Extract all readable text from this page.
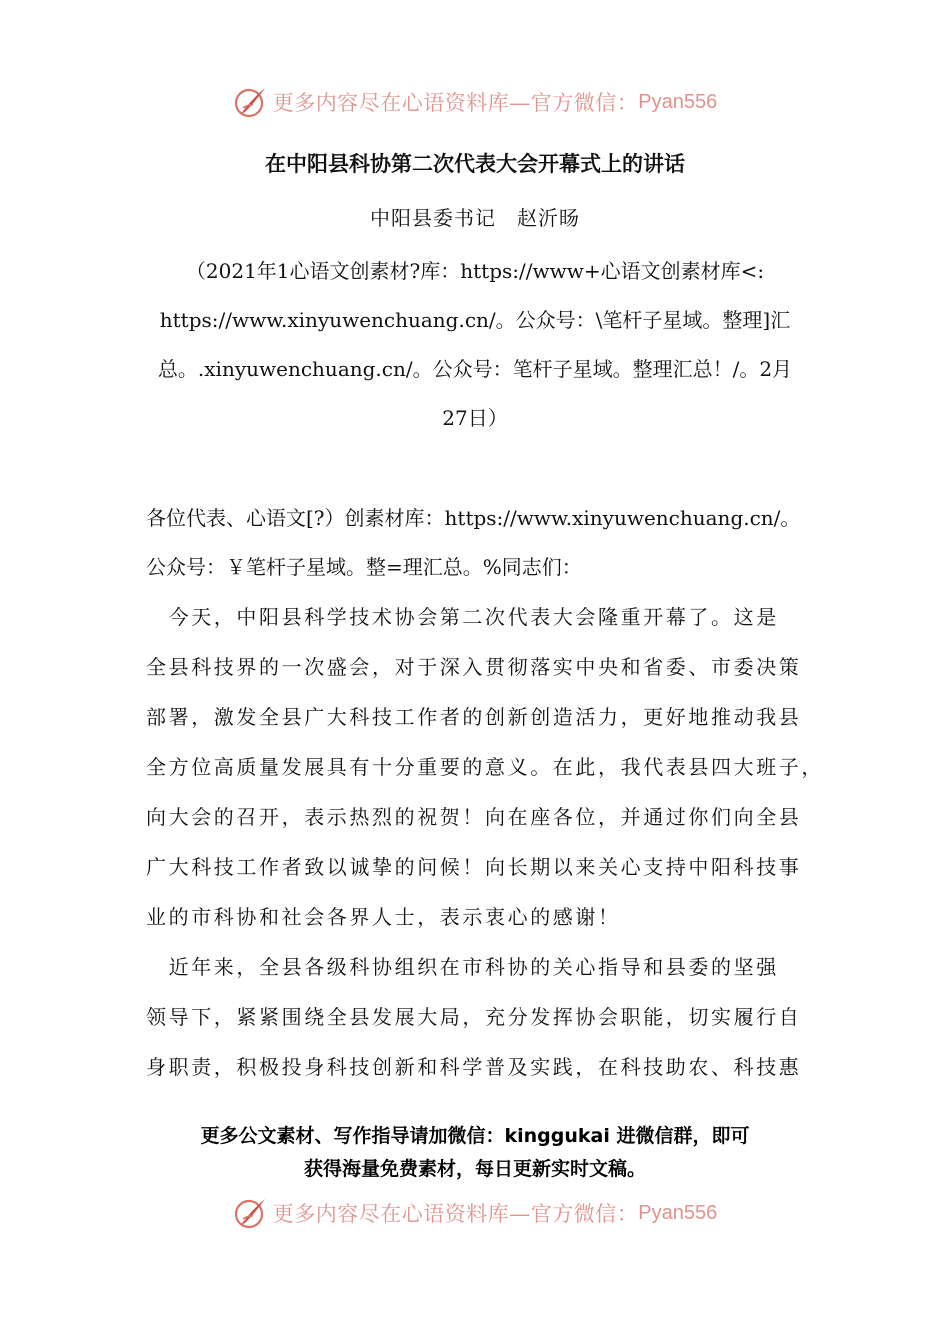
更多内容尽在心语资料库—官方微信： Pyan556
在中阳县科协第二次代表大会开幕式上的讲话
中阳县委书记　赵沂旸
（2021年1心语文创素材?库：https://www+心语文创素材库<:
https://www.xinyuwenchuang.cn/。公众号：\笔杆子星域。整理]汇
总。.xinyuwenchuang.cn/。公众号：笔杆子星域。整理汇总！/。2月
27日）
各位代表、心语文[?）创素材库：https://www.xinyuwenchuang.cn/。
公众号：￥笔杆子星域。整=理汇总。%同志们：
　今天，中阳县科学技术协会第二次代表大会隆重开幕了。这是
全县科技界的一次盛会，对于深入贯彻落实中央和省委、市委决策
部署，激发全县广大科技工作者的创新创造活力，更好地推动我县
全方位高质量发展具有十分重要的意义。在此，我代表县四大班子，
向大会的召开，表示热烈的祝贺！向在座各位，并通过你们向全县
广大科技工作者致以诚挚的问候！向长期以来关心支持中阳科技事
业的市科协和社会各界人士，表示衷心的感谢！
　近年来，全县各级科协组织在市科协的关心指导和县委的坚强
领导下，紧紧围绕全县发展大局，充分发挥协会职能，切实履行自
身职责，积极投身科技创新和科学普及实践，在科技助农、科技惠
更多公文素材、写作指导请加微信：kinggukai 进微信群，即可
获得海量免费素材，每日更新实时文稿。
更多内容尽在心语资料库—官方微信： Pyan556
